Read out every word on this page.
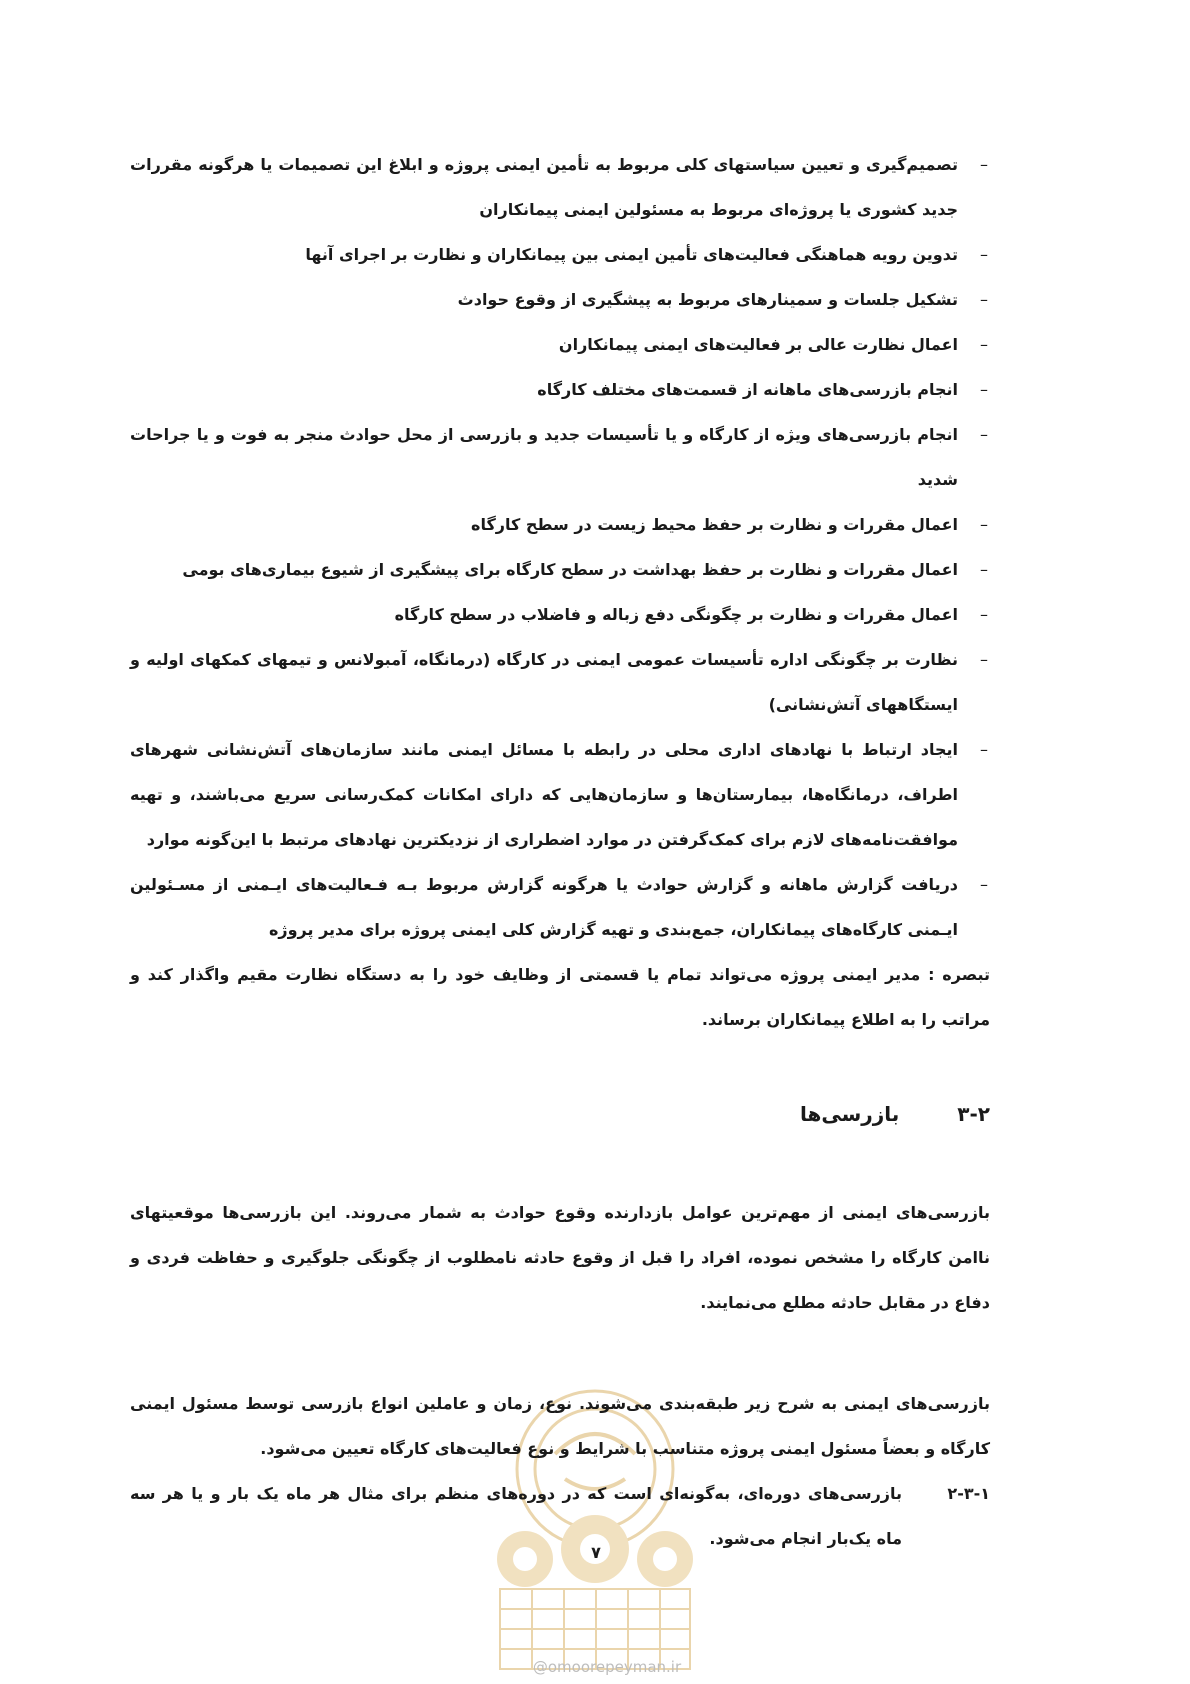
@omoorepeyman.ir
–
تصمیم‌گیری و تعیین سیاستهای کلی مربوط به تأمین ایمنی پروژه و ابلاغ این تصمیمات یا هرگونه مقررات جدید کشوری یا پروژه‌ای مربوط به مسئولین ایمنی پیمانکاران
–
تدوین رویه هماهنگی فعالیت‌های تأمین ایمنی بین پیمانکاران و نظارت بر اجرای آنها
–
تشکیل جلسات و سمینارهای مربوط به پیشگیری از وقوع حوادث
–
اعمال نظارت عالی بر فعالیت‌های ایمنی پیمانکاران
–
انجام بازرسی‌های ماهانه از قسمت‌های مختلف کارگاه
–
انجام بازرسی‌های ویژه از کارگاه و یا تأسیسات جدید و بازرسی از محل حوادث منجر به فوت و یا جراحات شدید
–
اعمال مقررات و نظارت بر حفظ محیط زیست در سطح کارگاه
–
اعمال مقررات و نظارت بر حفظ بهداشت در سطح کارگاه برای پیشگیری از شیوع بیماری‌های بومی
–
اعمال مقررات و نظارت بر چگونگی دفع زباله و فاضلاب در سطح کارگاه
–
نظارت بر چگونگی اداره تأسیسات عمومی ایمنی در کارگاه (درمانگاه، آمبولانس و تیمهای کمکهای اولیه و ایستگاههای آتش‌نشانی)
–
ایجاد ارتباط با نهادهای اداری محلی در رابطه با مسائل ایمنی مانند سازمان‌های آتش‌نشانی شهرهای اطراف، درمانگاه‌ها، بیمارستان‌ها و سازمان‌هایی که دارای امکانات کمک‌رسانی سریع می‌باشند، و تهیه موافقت‌نامه‌های لازم برای کمک‌گرفتن در موارد اضطراری از نزدیکترین نهادهای مرتبط با این‌گونه موارد
–
دریافت گزارش ماهانه و گزارش حوادث یا هرگونه گزارش مربوط بـه فـعالیت‌های ایـمنی از مسـئولین ایـمنی کارگاه‌های پیمانکاران، جمع‌بندی و تهیه گزارش کلی ایمنی پروژه برای مدیر پروژه

تبصره : مدیر ایمنی پروژه می‌تواند تمام یا قسمتی از وظایف خود را به دستگاه نظارت مقیم واگذار کند و مراتب را به اطلاع پیمانکاران برساند.

۳-۲
بازرسی‌ها

بازرسی‌های ایمنی از مهم‌ترین عوامل بازدارنده وقوع حوادث به شمار می‌روند. این بازرسی‌ها موقعیتهای ناامن کارگاه را مشخص نموده، افراد را قبل از وقوع حادثه نامطلوب از چگونگی جلوگیری و حفاظت فردی و دفاع در مقابل حادثه مطلع می‌نمایند.

بازرسی‌های ایمنی به شرح زیر طبقه‌بندی می‌شوند. نوع، زمان و عاملین انواع بازرسی توسط مسئول ایمنی کارگاه و بعضاً مسئول ایمنی پروژه متناسب با شرایط و نوع فعالیت‌های کارگاه تعیین می‌شود.

۲-۳-۱
بازرسی‌های دوره‌ای، به‌گونه‌ای است که در دوره‌های منظم برای مثال هر ماه یک بار و یا هر سه ماه یک‌بار انجام می‌شود.

۷
